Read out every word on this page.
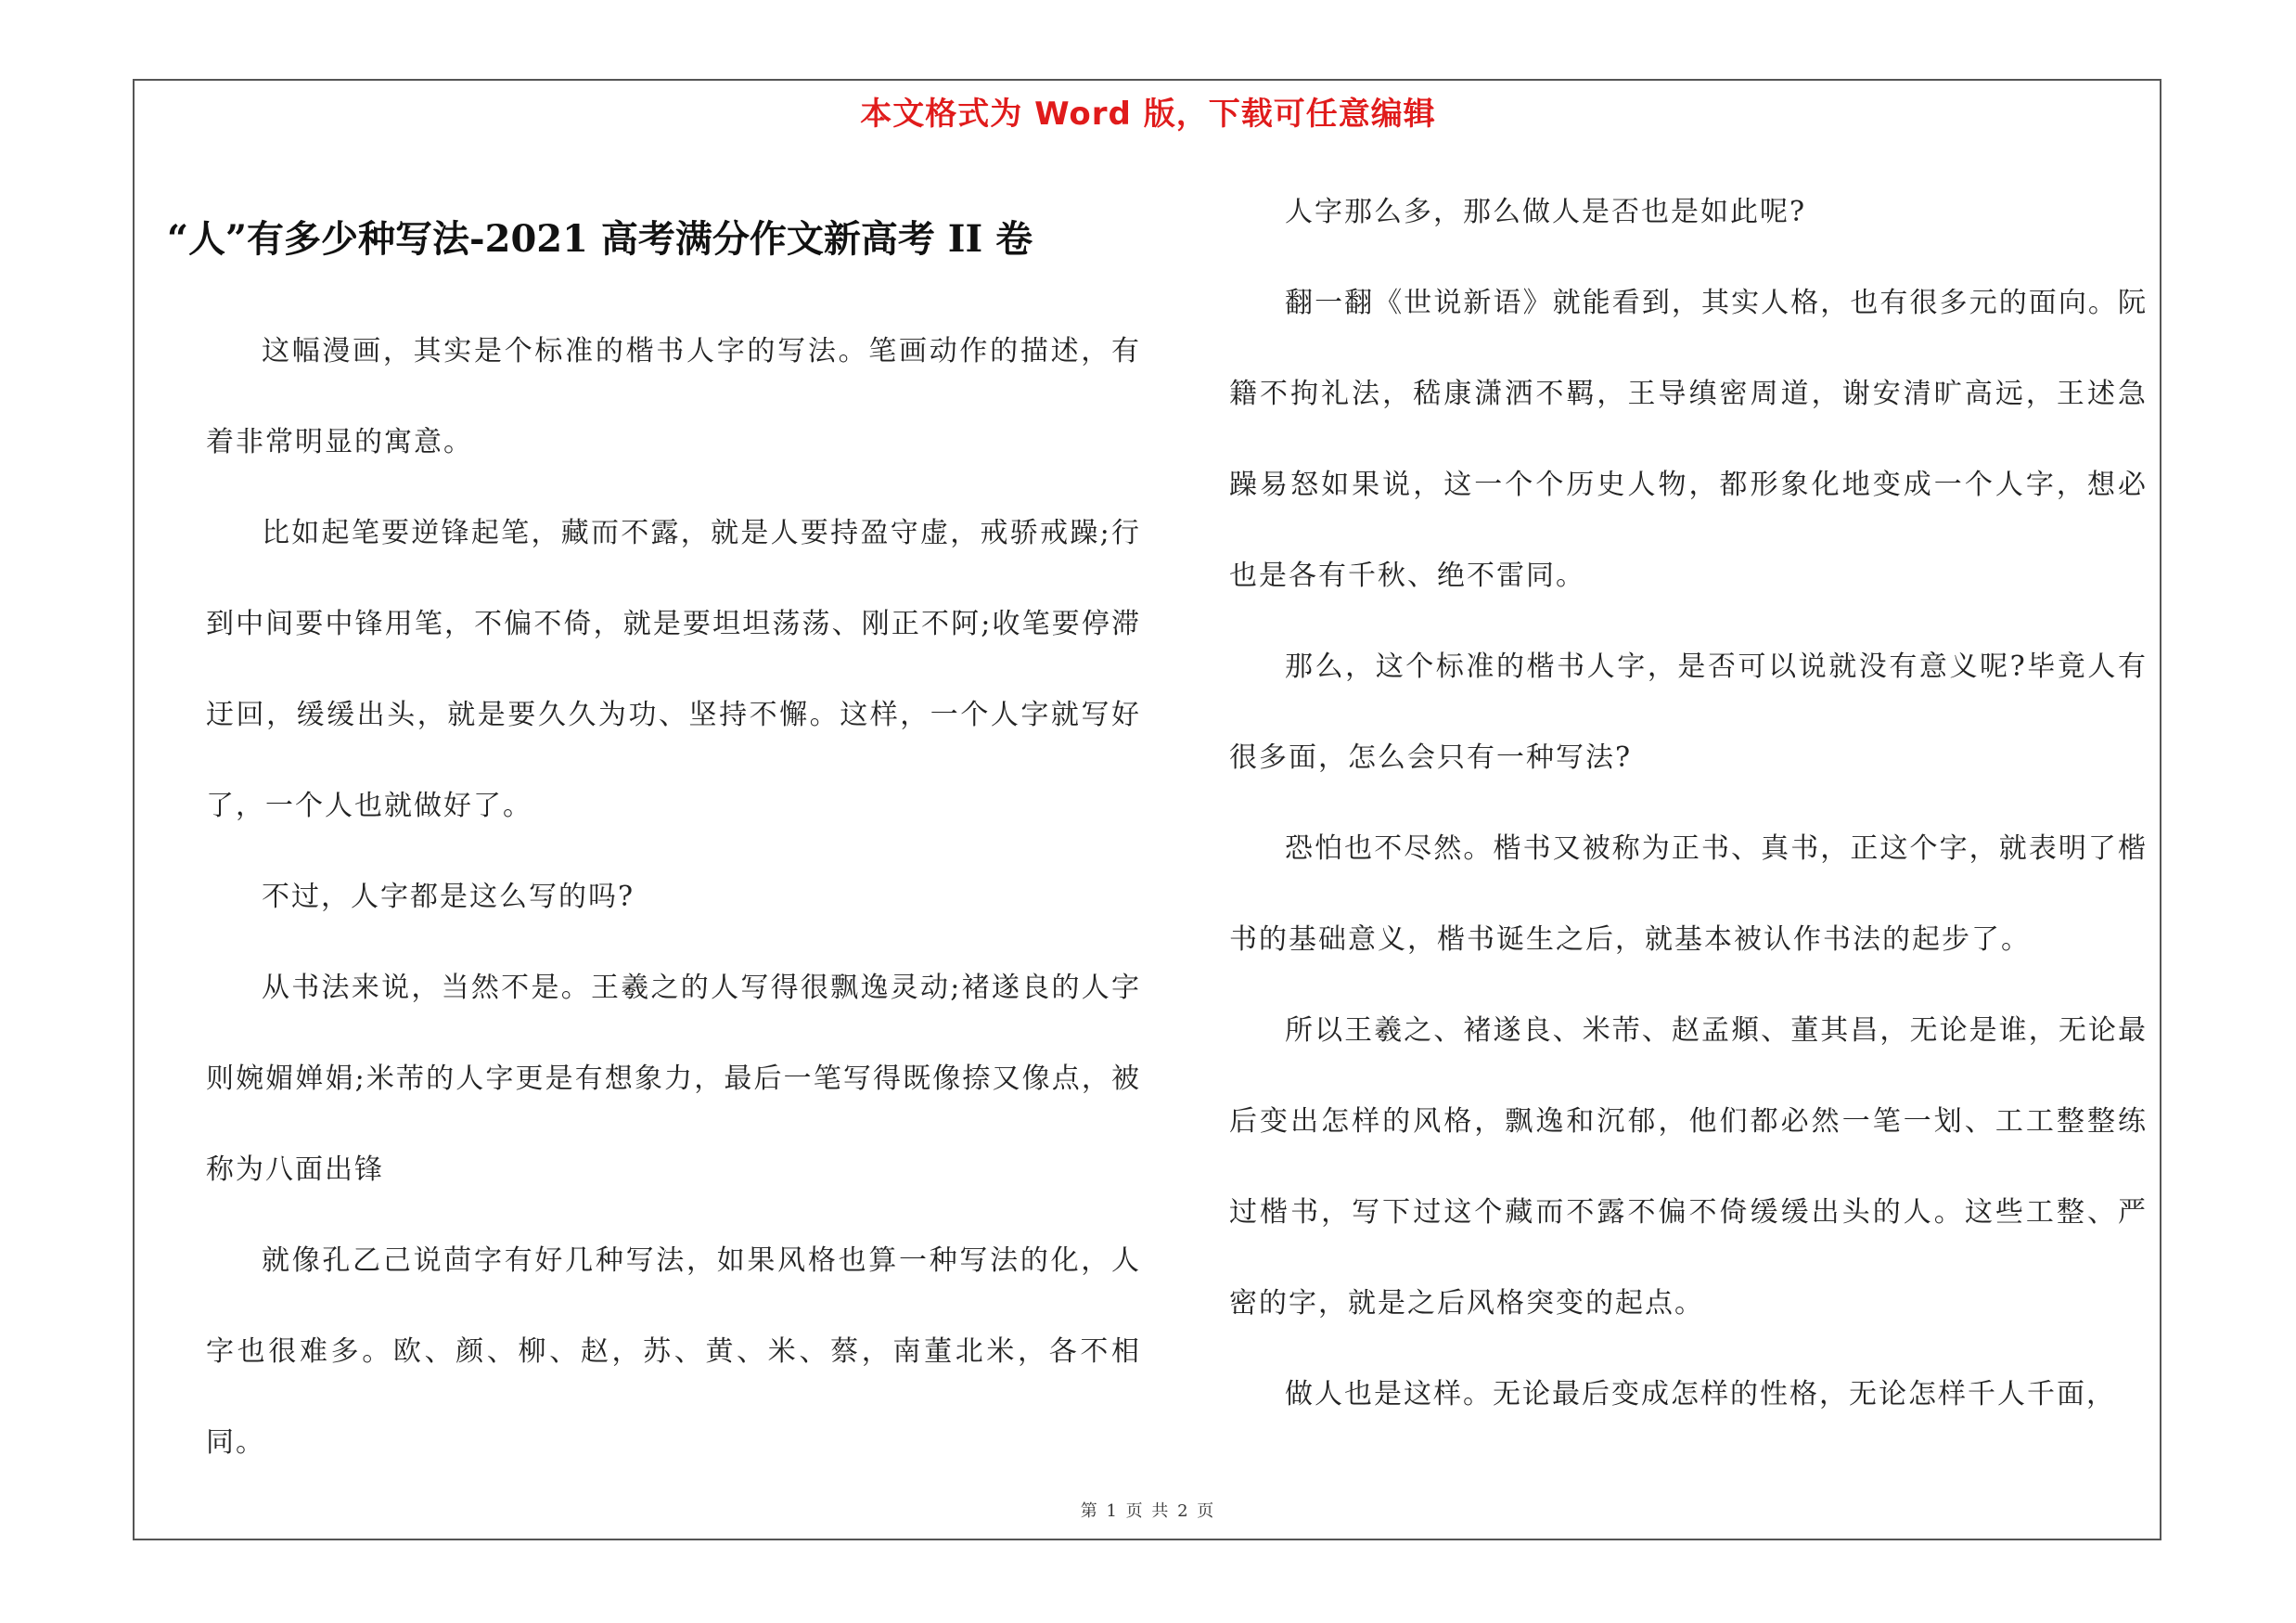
本文格式为 Word 版，下载可任意编辑
“人”有多少种写法-2021 高考满分作文新高考 II 卷

这幅漫画，其实是个标准的楷书人字的写法。笔画动作的描述，有着非常明显的寓意。

比如起笔要逆锋起笔，藏而不露，就是人要持盈守虚，戒骄戒躁;行到中间要中锋用笔，不偏不倚，就是要坦坦荡荡、刚正不阿;收笔要停滞迂回，缓缓出头，就是要久久为功、坚持不懈。这样，一个人字就写好了，一个人也就做好了。

不过，人字都是这么写的吗?

从书法来说，当然不是。王羲之的人写得很飘逸灵动;褚遂良的人字则婉媚婵娟;米芾的人字更是有想象力，最后一笔写得既像捺又像点，被称为八面出锋

就像孔乙己说茴字有好几种写法，如果风格也算一种写法的化，人字也很难多。欧、颜、柳、赵，苏、黄、米、蔡，南董北米，各不相同。

人字那么多，那么做人是否也是如此呢?

翻一翻《世说新语》就能看到，其实人格，也有很多元的面向。阮籍不拘礼法，嵇康潇洒不羁，王导缜密周道，谢安清旷高远，王述急躁易怒如果说，这一个个历史人物，都形象化地变成一个人字，想必也是各有千秋、绝不雷同。

那么，这个标准的楷书人字，是否可以说就没有意义呢?毕竟人有很多面，怎么会只有一种写法?

恐怕也不尽然。楷书又被称为正书、真书，正这个字，就表明了楷书的基础意义，楷书诞生之后，就基本被认作书法的起步了。

所以王羲之、褚遂良、米芾、赵孟頫、董其昌，无论是谁，无论最后变出怎样的风格，飘逸和沉郁，他们都必然一笔一划、工工整整练过楷书，写下过这个藏而不露不偏不倚缓缓出头的人。这些工整、严密的字，就是之后风格突变的起点。

做人也是这样。无论最后变成怎样的性格，无论怎样千人千面，

第 1 页 共 2 页
